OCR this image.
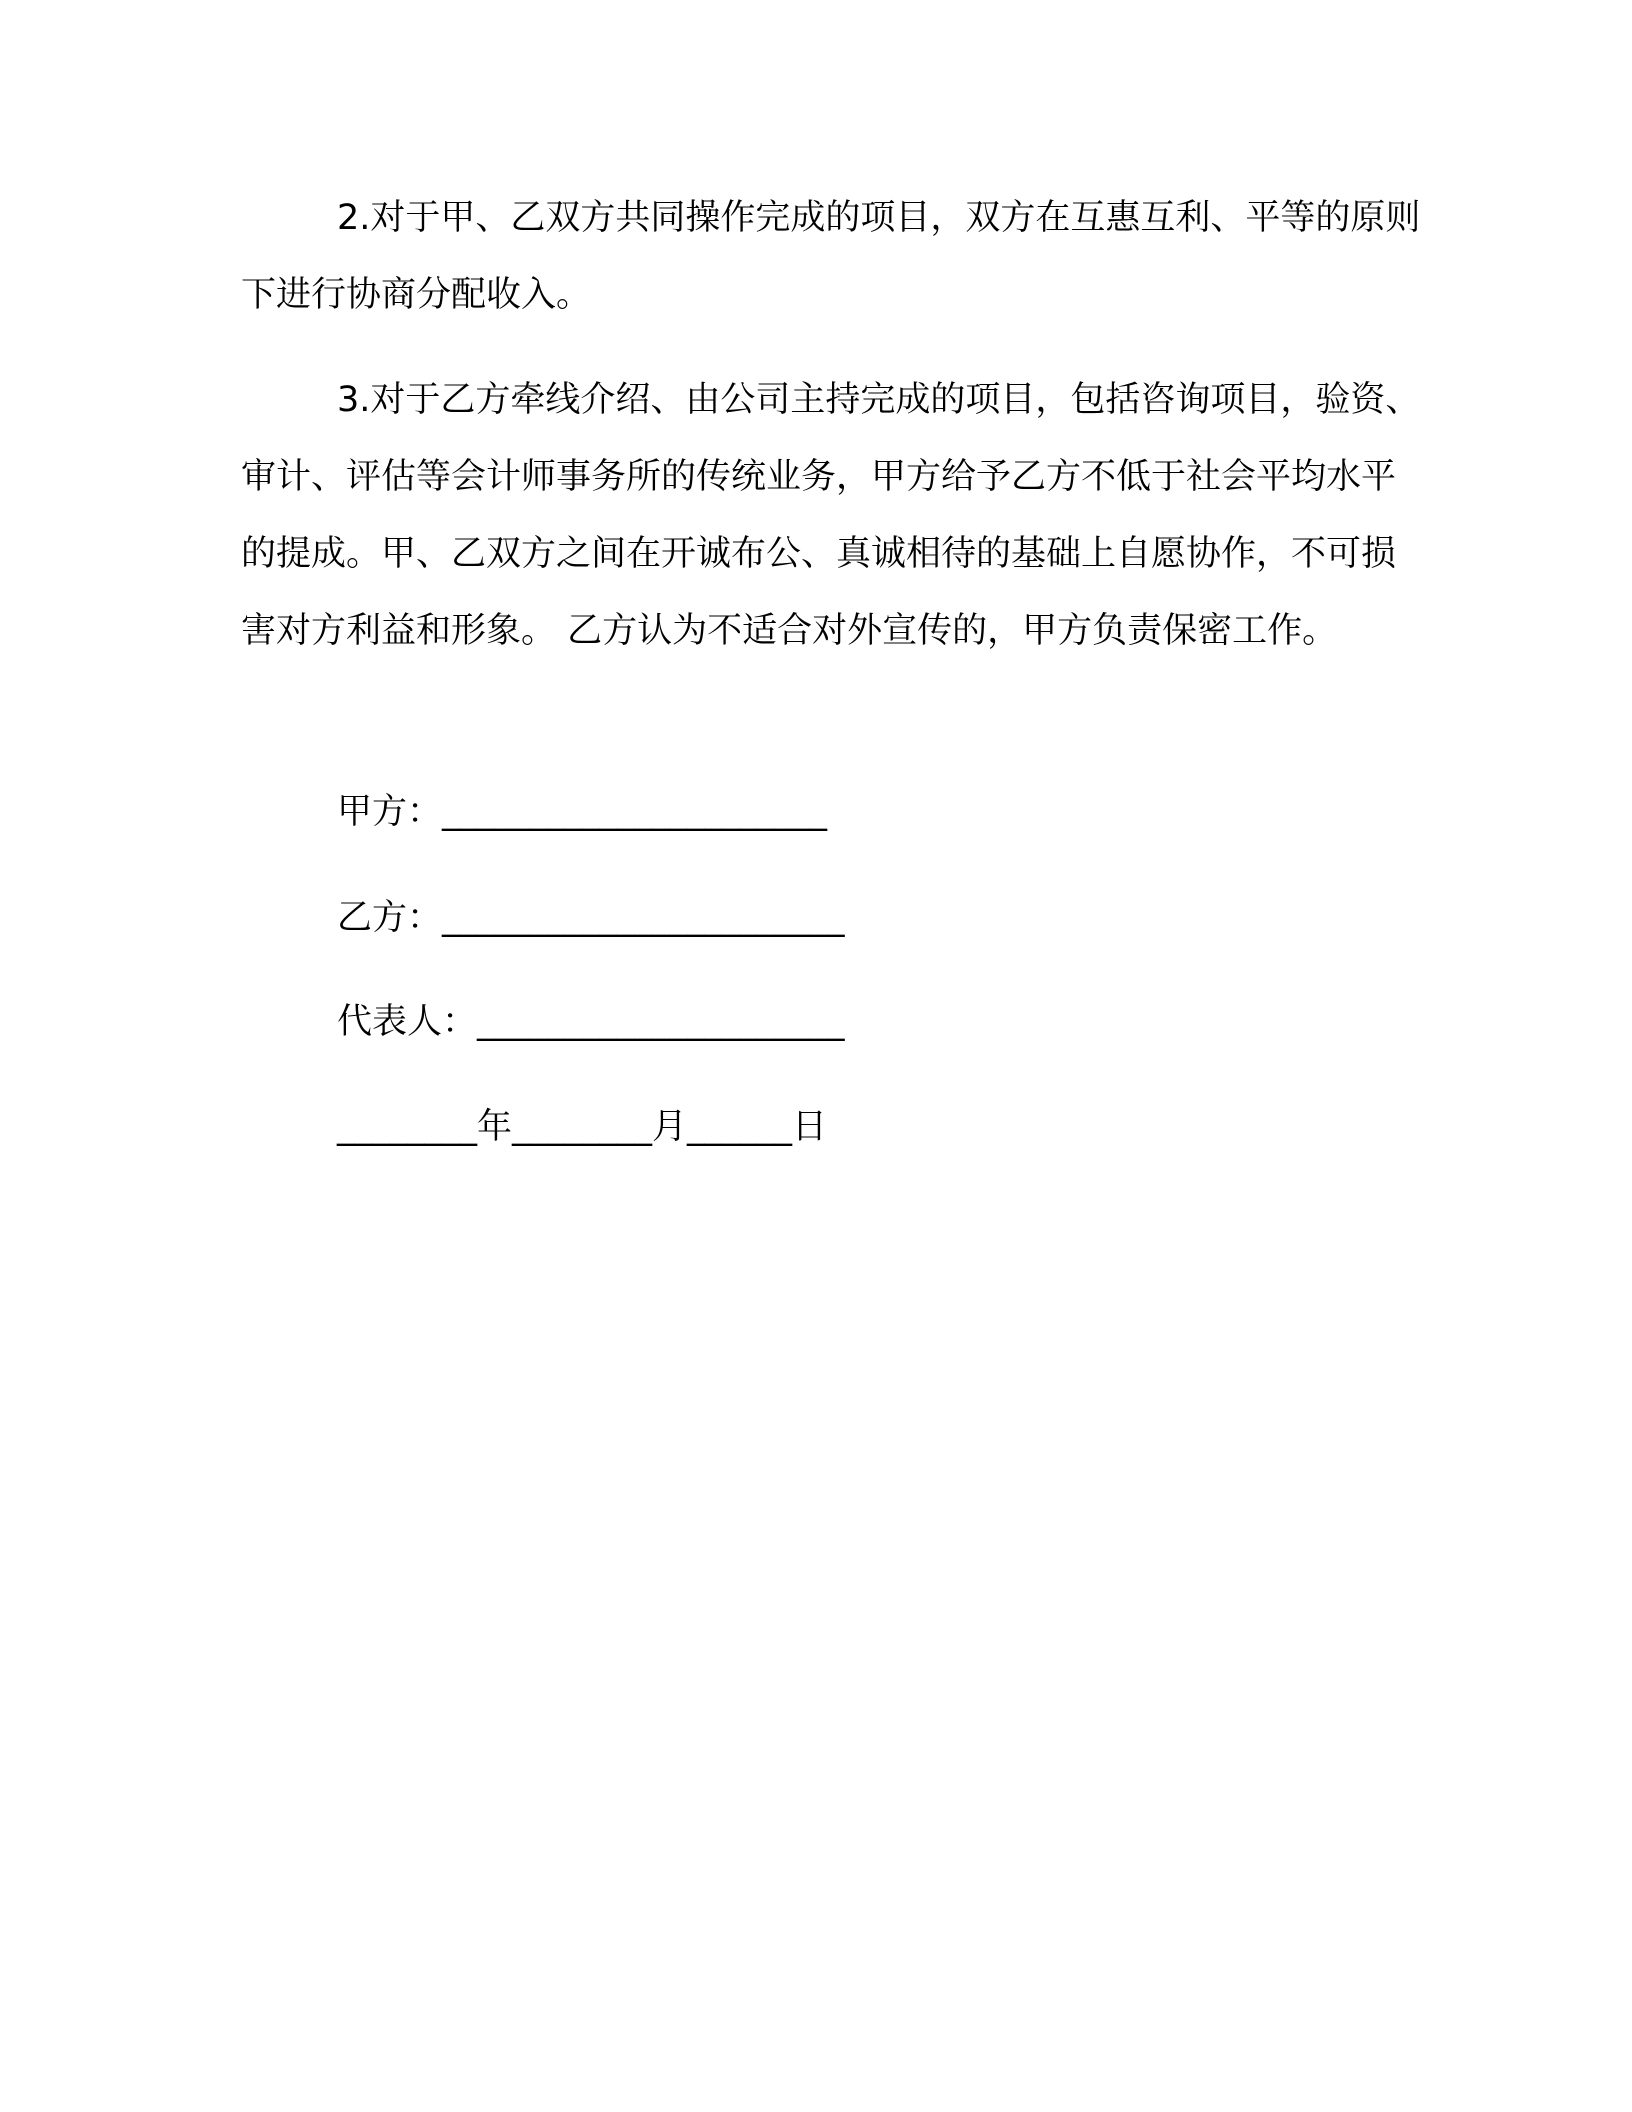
2.对于甲、乙双方共同操作完成的项目，双方在互惠互利、平等的原则下进行协商分配收入。

3.对于乙方牵线介绍、由公司主持完成的项目，包括咨询项目，验资、审计、评估等会计师事务所的传统业务，甲方给予乙方不低于社会平均水平的提成。甲、乙双方之间在开诚布公、真诚相待的基础上自愿协作，不可损害对方利益和形象。 乙方认为不适合对外宣传的，甲方负责保密工作。

甲方：______________________

乙方：_______________________

代表人：_____________________

________年________月______日
